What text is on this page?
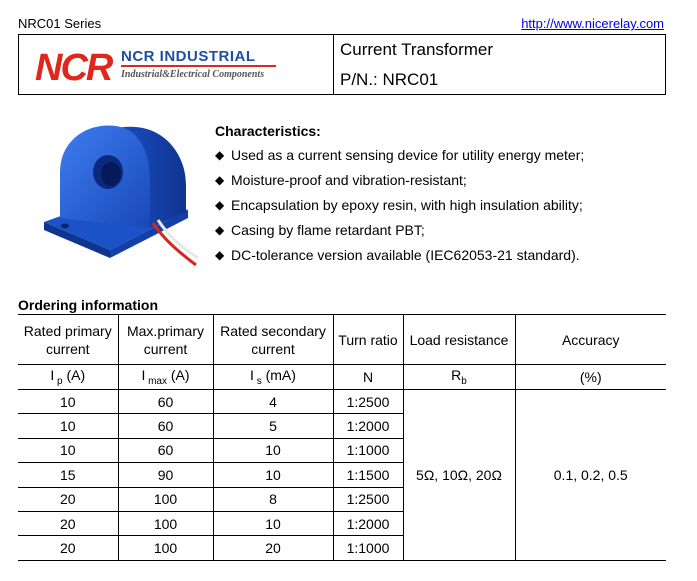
NRC01 Series	http://www.nicerelay.com
NCR NCR INDUSTRIAL
Industrial&Electrical Components
Current Transformer
P/N.: NRC01
Characteristics:
◆ Used as a current sensing device for utility energy meter;
◆ Moisture-proof and vibration-resistant;
◆ Encapsulation by epoxy resin, with high insulation ability;
◆ Casing by flame retardant PBT;
◆ DC-tolerance version available (IEC62053-21 standard).
Ordering information
Rated primary current	Max.primary current	Rated secondary current	Turn ratio	Load resistance	Accuracy
I $_p$ (A)	I $_{max}$ (A)	I $_s$ (mA)	N	$R_b$	(%)
10	60	4	1:2500	5Ω, 10Ω, 20Ω	0.1, 0.2, 0.5
10	60	5	1:2000		
10	60	10	1:1000		
15	90	10	1:1500		
20	100	8	1:2500		
20	100	10	1:2000		
20	100	20	1:1000		
